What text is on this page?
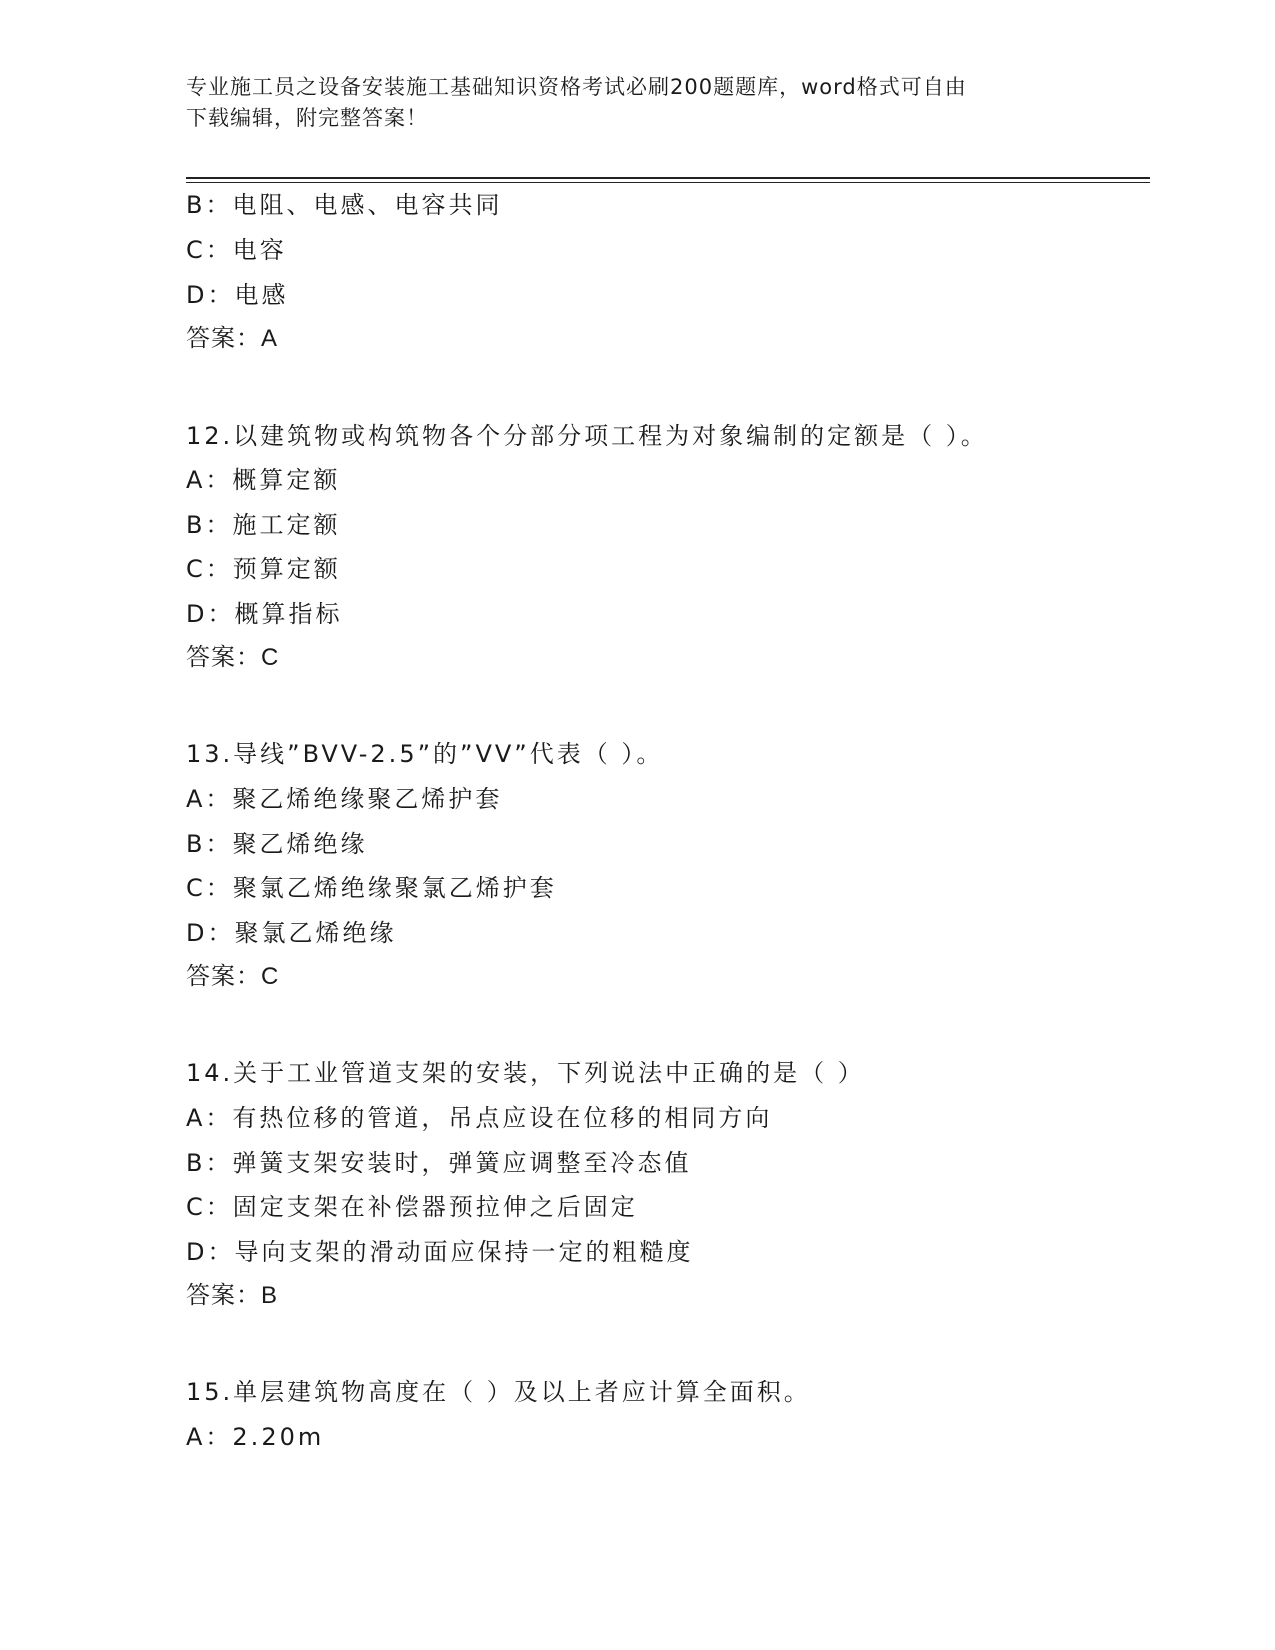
专业施工员之设备安装施工基础知识资格考试必刷200题题库，word格式可自由
下载编辑，附完整答案！
B：电阻、电感、电容共同
C：电容
D：电感
答案：A
12.以建筑物或构筑物各个分部分项工程为对象编制的定额是（ ）。
A：概算定额
B：施工定额
C：预算定额
D：概算指标
答案：C
13.导线”BVV-2.5”的”VV”代表（ ）。
A：聚乙烯绝缘聚乙烯护套
B：聚乙烯绝缘
C：聚氯乙烯绝缘聚氯乙烯护套
D：聚氯乙烯绝缘
答案：C
14.关于工业管道支架的安装，下列说法中正确的是（ ）
A：有热位移的管道，吊点应设在位移的相同方向
B：弹簧支架安装时，弹簧应调整至冷态值
C：固定支架在补偿器预拉伸之后固定
D：导向支架的滑动面应保持一定的粗糙度
答案：B
15.单层建筑物高度在（ ）及以上者应计算全面积。
A：2.20m
